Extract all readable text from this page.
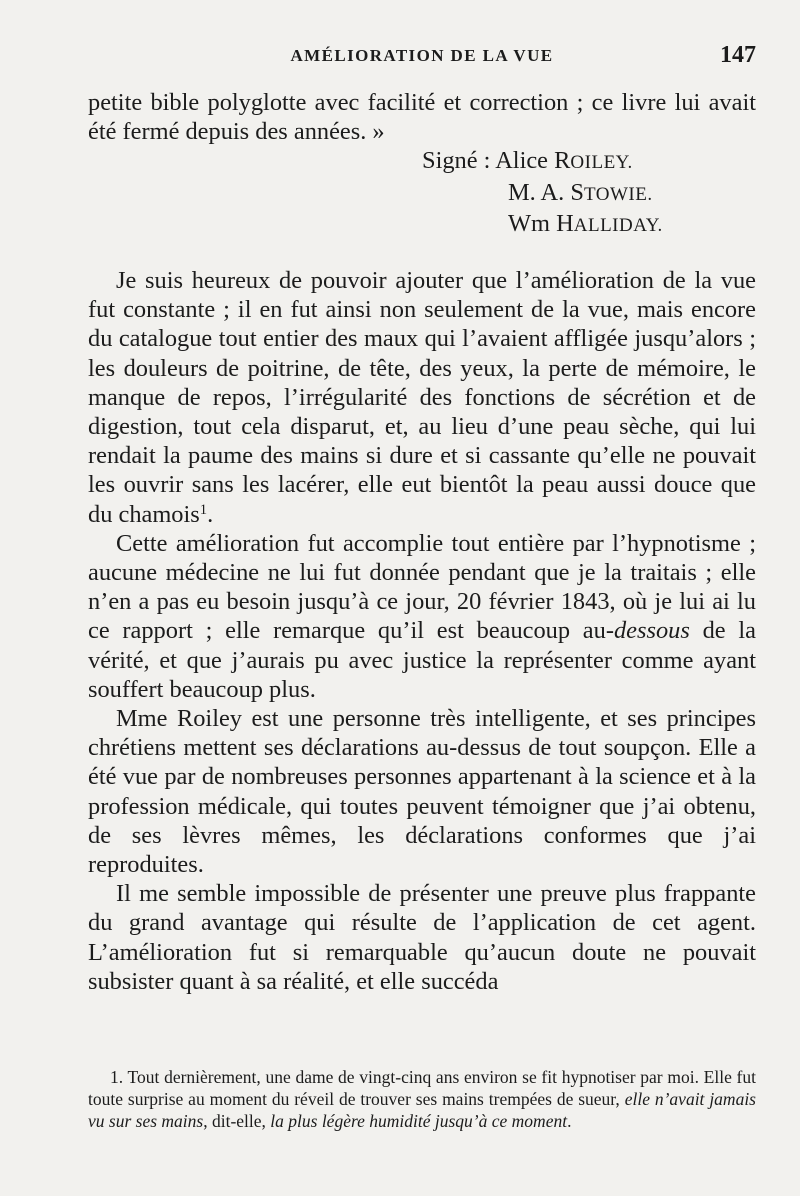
AMÉLIORATION DE LA VUE	147

petite bible polyglotte avec facilité et correction ; ce livre lui avait été fermé depuis des années. »

Signé : Alice ROILEY.
M. A. STOWIE.
Wm HALLIDAY.

Je suis heureux de pouvoir ajouter que l’amélioration de la vue fut constante ; il en fut ainsi non seulement de la vue, mais encore du catalogue tout entier des maux qui l’avaient affligée jusqu’alors ; les douleurs de poitrine, de tête, des yeux, la perte de mémoire, le manque de repos, l’irrégularité des fonctions de sécrétion et de digestion, tout cela disparut, et, au lieu d’une peau sèche, qui lui rendait la paume des mains si dure et si cassante qu’elle ne pouvait les ouvrir sans les lacérer, elle eut bientôt la peau aussi douce que du chamois$^1$.

Cette amélioration fut accomplie tout entière par l’hypnotisme ; aucune médecine ne lui fut donnée pendant que je la traitais ; elle n’en a pas eu besoin jusqu’à ce jour, 20 février 1843, où je lui ai lu ce rapport ; elle remarque qu’il est beaucoup au-dessous de la vérité, et que j’aurais pu avec justice la représenter comme ayant souffert beaucoup plus.

Mme Roiley est une personne très intelligente, et ses principes chrétiens mettent ses déclarations au-dessus de tout soupçon. Elle a été vue par de nombreuses personnes appartenant à la science et à la profession médicale, qui toutes peuvent témoigner que j’ai obtenu, de ses lèvres mêmes, les déclarations conformes que j’ai reproduites.

Il me semble impossible de présenter une preuve plus frappante du grand avantage qui résulte de l’application de cet agent. L’amélioration fut si remarquable qu’aucun doute ne pouvait subsister quant à sa réalité, et elle succéda

1. Tout dernièrement, une dame de vingt-cinq ans environ se fit hypnotiser par moi. Elle fut toute surprise au moment du réveil de trouver ses mains trempées de sueur, elle n’avait jamais vu sur ses mains, dit-elle, la plus légère humidité jusqu’à ce moment.
